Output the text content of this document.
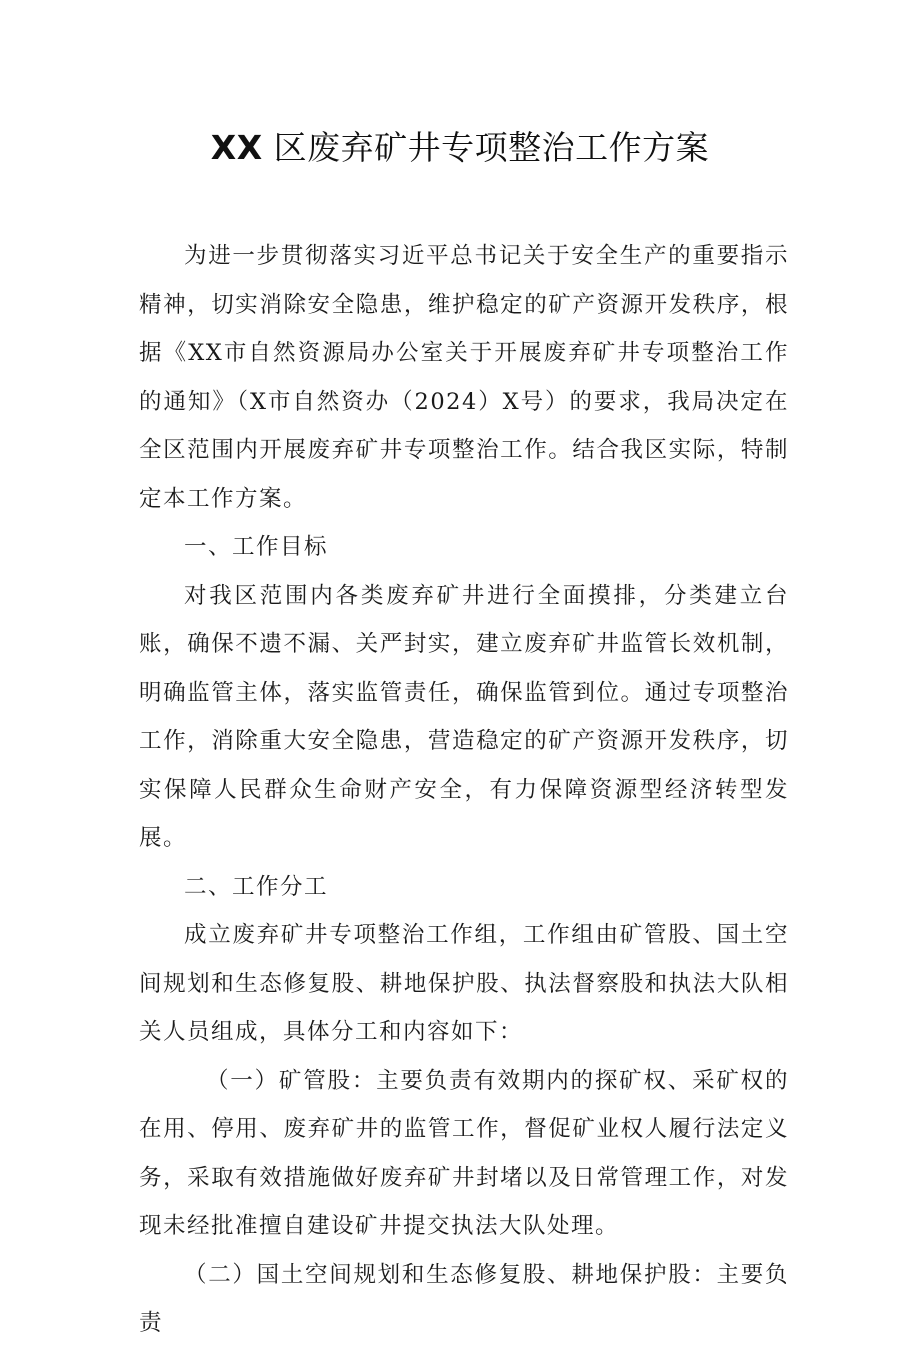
XX 区废弃矿井专项整治工作方案

为进一步贯彻落实习近平总书记关于安全生产的重要指示精神，切实消除安全隐患，维护稳定的矿产资源开发秩序，根据《XX市自然资源局办公室关于开展废弃矿井专项整治工作的通知》（X市自然资办（2024）X号）的要求，我局决定在全区范围内开展废弃矿井专项整治工作。结合我区实际，特制定本工作方案。

一、工作目标

对我区范围内各类废弃矿井进行全面摸排，分类建立台账，确保不遗不漏、关严封实，建立废弃矿井监管长效机制，明确监管主体，落实监管责任，确保监管到位。通过专项整治工作，消除重大安全隐患，营造稳定的矿产资源开发秩序，切实保障人民群众生命财产安全，有力保障资源型经济转型发展。

二、工作分工

成立废弃矿井专项整治工作组，工作组由矿管股、国土空间规划和生态修复股、耕地保护股、执法督察股和执法大队相关人员组成，具体分工和内容如下：

（一）矿管股：主要负责有效期内的探矿权、采矿权的在用、停用、废弃矿井的监管工作，督促矿业权人履行法定义务，采取有效措施做好废弃矿井封堵以及日常管理工作，对发现未经批准擅自建设矿井提交执法大队处理。

（二）国土空间规划和生态修复股、耕地保护股：主要负责
